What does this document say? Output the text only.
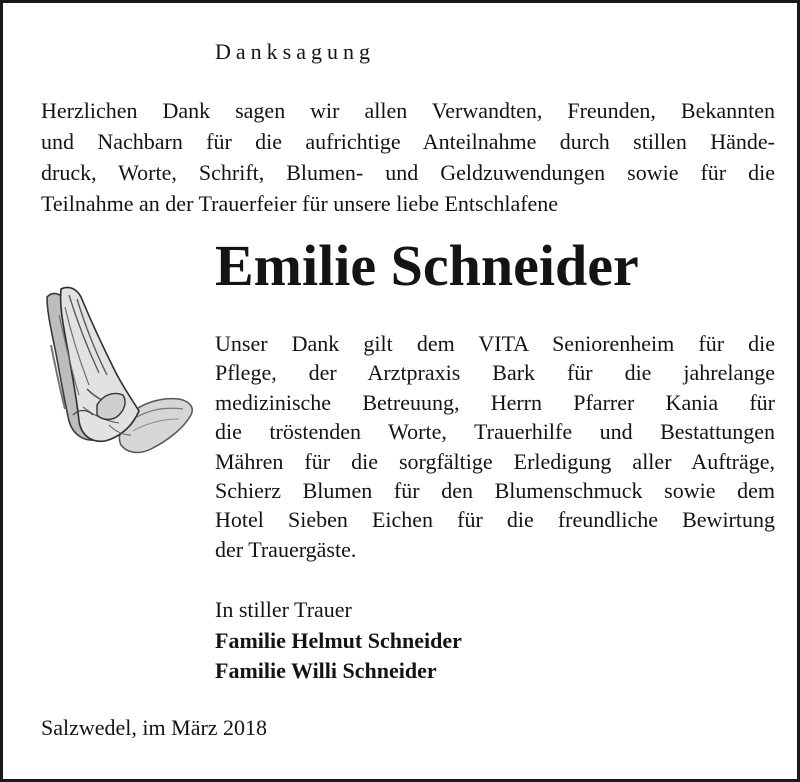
Danksagung

Herzlichen Dank sagen wir allen Verwandten, Freunden, Bekannten
und Nachbarn für die aufrichtige Anteilnahme durch stillen Hände-
druck, Worte, Schrift, Blumen- und Geldzuwendungen sowie für die
Teilnahme an der Trauerfeier für unsere liebe Entschlafene

Emilie Schneider

Unser Dank gilt dem VITA Seniorenheim für die
Pflege, der Arztpraxis Bark für die jahrelange
medizinische Betreuung, Herrn Pfarrer Kania für
die tröstenden Worte, Trauerhilfe und Bestattungen
Mähren für die sorgfältige Erledigung aller Aufträge,
Schierz Blumen für den Blumenschmuck sowie dem
Hotel Sieben Eichen für die freundliche Bewirtung
der Trauergäste.

In stiller Trauer
Familie Helmut Schneider
Familie Willi Schneider

Salzwedel, im März 2018
